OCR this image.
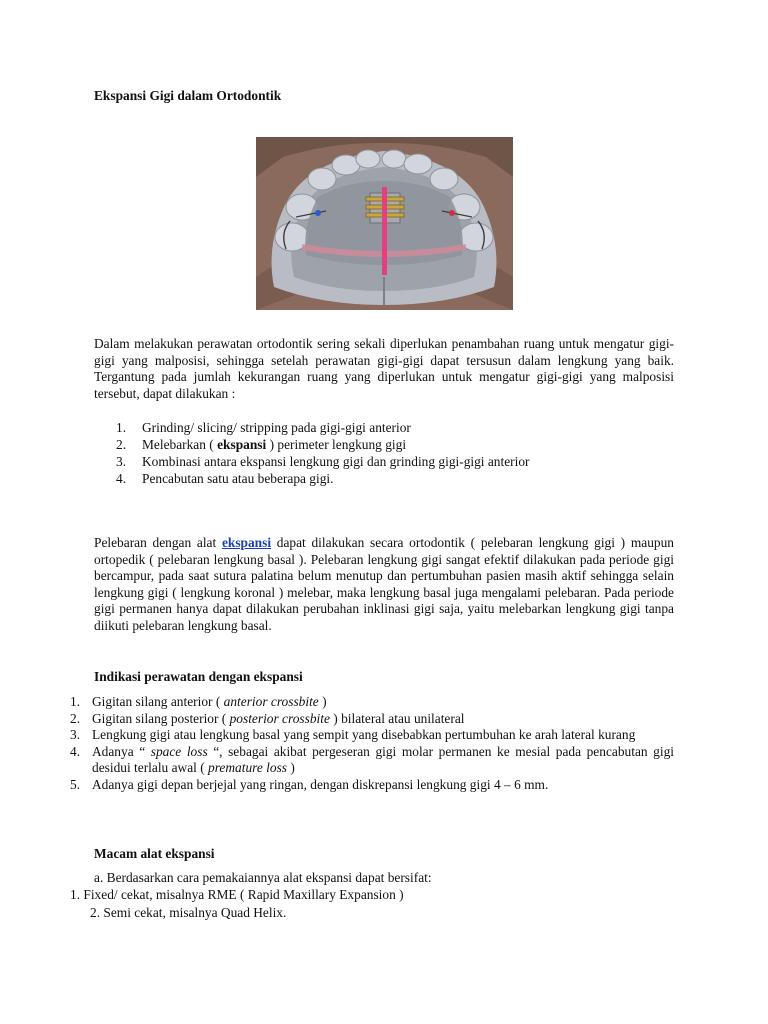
Ekspansi Gigi dalam Ortodontik
Dalam melakukan perawatan ortodontik sering sekali diperlukan penambahan ruang untuk mengatur gigi-gigi yang malposisi, sehingga setelah perawatan gigi-gigi dapat tersusun dalam lengkung yang baik. Tergantung pada jumlah kekurangan ruang yang diperlukan untuk mengatur gigi-gigi yang malposisi tersebut, dapat dilakukan :
1. Grinding/ slicing/ stripping pada gigi-gigi anterior
2. Melebarkan ( ekspansi ) perimeter lengkung gigi
3. Kombinasi antara ekspansi lengkung gigi dan grinding gigi-gigi anterior
4. Pencabutan satu atau beberapa gigi.
Pelebaran dengan alat ekspansi dapat dilakukan secara ortodontik ( pelebaran lengkung gigi ) maupun ortopedik ( pelebaran lengkung basal ). Pelebaran lengkung gigi sangat efektif dilakukan pada periode gigi bercampur, pada saat sutura palatina belum menutup dan pertumbuhan pasien masih aktif sehingga selain lengkung gigi ( lengkung koronal ) melebar, maka lengkung basal juga mengalami pelebaran. Pada periode gigi permanen hanya dapat dilakukan perubahan inklinasi gigi saja, yaitu melebarkan lengkung gigi tanpa diikuti pelebaran lengkung basal.
Indikasi perawatan dengan ekspansi
1. Gigitan silang anterior ( anterior crossbite )
2. Gigitan silang posterior ( posterior crossbite ) bilateral atau unilateral
3. Lengkung gigi atau lengkung basal yang sempit yang disebabkan pertumbuhan ke arah lateral kurang
4. Adanya “ space loss “, sebagai akibat pergeseran gigi molar permanen ke mesial pada pencabutan gigi desidui terlalu awal ( premature loss )
5. Adanya gigi depan berjejal yang ringan, dengan diskrepansi lengkung gigi 4 – 6 mm.
Macam alat ekspansi
a. Berdasarkan cara pemakaiannya alat ekspansi dapat bersifat:
1. Fixed/ cekat, misalnya RME ( Rapid Maxillary Expansion )
2. Semi cekat, misalnya Quad Helix.
